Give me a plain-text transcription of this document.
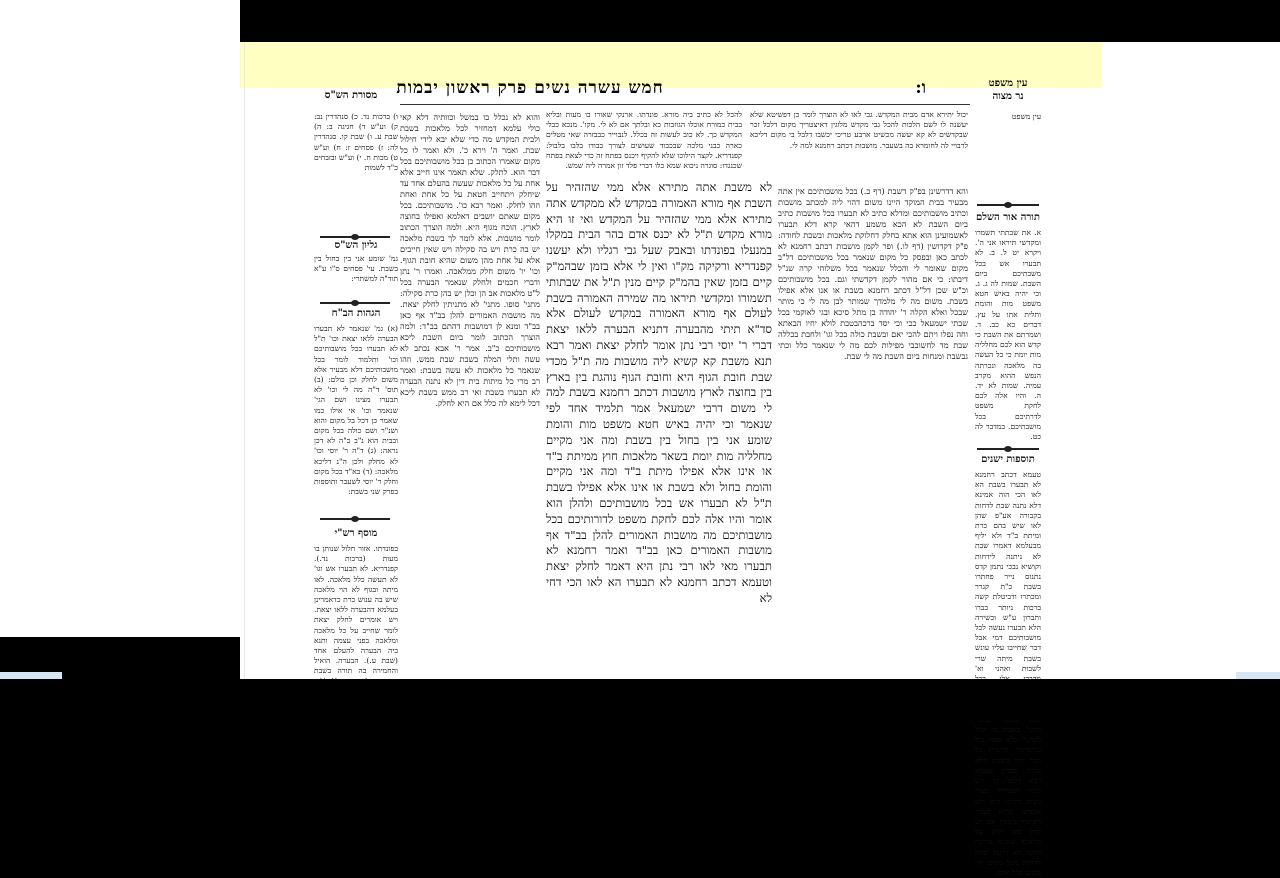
חמש עשרה נשים פרק ראשון יבמות	ו:	עין משפט
נר מצוה
מסורת הש"ס
ו) ברכות נד. כ) סנהדרין נב: ק) וע"ש ד) חגיגה ב: ה) שבת ע. ו) שבת קו. סנהדרין לה: ז) פסחים ז: ח) וע"ש ט) מכות ח. י) וע"ש ובזבחים כ"ד לשמות
גליון הש"ס
גמ' שומע אני בין בחול בין בשבת. עי' פסחים ס"ו ע"א תוד"ה למשתרי:
הגהות הב"ח
(א) גמ' שנאמר לא תבערו הבערה ללאו יצאת וכו' ת"ל לא תבערו בכל מושבותיכם וכו' ותלמוד לומר בכל מושבותיכם דלא מבעיר אלא משום לחלק וכן כולם: (ב) תוס' ד"ה מה לי וכו' לא תבערו מצינו ושם הגי' שנאמר וכו' אי אילו כמו שאמר כן דכל בל מקום והוא ושנ"ר ושם כולה בכל מקום ובבית הוא נ"ב כ"ה לא דכן נראה: (ג) ד"ה ר' יוסי וכו' לא מחלק ולכן ה"נ דליכא מלאכה: (ד) בא"ד בכל מקום וחלק ר' יוסי לשעבר ותוספות בפרק שני בשבת:
מוסף רש"י
בפונדתו. אזור חלול שנותן בו מעות (ברכות נד.). קפנדריא. לא תבערו אש וגו' לא תעשה כלל מלאכה. לאו מיתה ובגוף לא הוי מלאכה שיש בה ענוש כרת כדאמרינן בעלמא דהבערה ללאו יצאת. ויש אומרים לחלק יצאת לומר שחייב על כל מלאכה ומלאכה בפני עצמה ותנא ביה הבערה להעלם אחד (שבת ע.). הבערה. הואיל והחמירה בה תורה בשבת
והוא לא נכלל בו במשל וכוותיה דלא קאי כולי עלמא דמחזיר לכל מלאכות בשבת ולבית המקדש מה כדי שלא יבא לידי חילול שבת. ואמר ה' וירא כ'. ולא ואמר לו כל מקום שאמרו הכתוב כן בכל מושבותיכם בכל דבר הוא. לתלק. שלא תאמר אינו חייב אלא אחת על כל מלאכות שעשה בהעלם אחד עד שיחלק ויתחייב חטאת על כל אחת ואחת וזהו לחלק. ואמר רבא כו'. מושבותיכם. בכל מקום שאתם יושבים דאלמא ואפילו בחוצה לארץ. הוכח מגוף היא. ולמה הוצרך הכתוב לומר מושבות. אלא לומר לך בשבת מלאכה יש בה כרת ויש בה סקילה ויש שאין חייבים אלא על אחת מהן משום שהיא חובת הגוף. וכו' יו' משום חלק ממלאכה. ואמרו ר' נתן ודברי חכמים ולחלק שנאמר הבערה בכל ל"ט מלאכות אב הן וכלן יש בהן כרת סקילה: מתני' סופו. מתני' לא מתניתין לחלק יצאת. מה מושבות האמורים להלן בב"ד אף כאן בב"ד ומנא לן דמושבות דהתם בב"ד: ולמה הוצרך הכתוב לומר ביום השבת ליכא מושבותיכם כ"ב. אמר ר' אבא נכתב לא עשה ותלי המלה בשבת שבת ממש. וזהו שנאמר כל מלאכות לא עשה בשבת: ואמר רב מרי כל מיתות בית דין לא נתנה הבערה לא תבערו בשבת ואי רב ממש בשבת ליכא דכל לימא לה כלל אם היא לחלק.
להכל לא כתיב ביה מורא. פונדתו. ארנקי שאורו בו מעות ובליא בבית כמורח אוכלו הגוזבות כא ובלתך אם לא לי. מקו'. מנכא כבלי המקדש כך. לא כוב לעשות זה בכלל. לנבוייר כבבזרה שאי מטלים כארה כבני מלכה שבכבוד שעושים לצורך כבודו בלבו בלבול: קפנדריא. לקצר הילוכו שלא להקיף ויכנס בפתח זה כדי לצאת בפתח שכנגדו: סוגרה ניכוא שמא כלו דברי פלד זון אמרה ליה שמש.
יכול יתירא אדם מבית המקדש. גבי לאו לא הוצרך לומר כן דפשיטא שלא יעשנה לו לשם הלכות להכל גבי מקדש מלוגין דאיצטריך מקום דלכל זכר שבקדשים לא קא יעשה מכשיט ארבע טריכי יכשבו דלבל בי מקום דליכא לרבויי לה לחומרא בה בשעבר. מושבות דכתב רחמנא למה לי.
לא משבת אתה מתירא אלא ממי שהזהיר על השבת אף מורא האמורה במקדש לא ממקדש אתה מתירא אלא ממי שהזהיר על המקדש ואי זו היא מורא מקדש ת"ל לא יכנס אדם בהר הבית במקלו במנעלו בפונדתו ובאבק שעל גבי רגליו ולא יעשנו קפנדריא ורקיקה מק"ו ואין לי אלא בזמן שבהמ"ק קיים בזמן שאין בהמ"ק קיים מנין ת"ל את שבתותי תשמורו ומקדשי תיראו מה שמירה האמורה בשבת לעולם אף מורא האמורה במקדש לעולם אלא סד"א תיתי מהבערה דתניא הבערה ללאו יצאת דברי ר' יוסי רבי נתן אומר לחלק יצאת ואמר רבא תנא משבת קא קשיא ליה מושבות מה ת"ל מכדי שבת חובת הגוף היא וחובת הגוף נוהגת בין בארץ בין בחוצה לארץ מושבות דכתב רחמנא בשבת למה לי משום דרבי ישמעאל אמר תלמיד אחד לפי שנאמר וכי יהיה באיש חטא משפט מות והומת שומע אני בין בחול בין בשבת ומה אני מקיים מחלליה מות יומת בשאר מלאכות חוץ ממיתת ב"ד או אינו אלא אפילו מיתת ב"ד ומה אני מקיים והומת בחול ולא בשבת או אינו אלא אפילו בשבת ת"ל לא תבערו אש בכל מושבותיכם ולהלן הוא אומר והיו אלה לכם לחקת משפט לדורותיכם בכל מושבותיכם מה מושבות האמורים להלן בב"ד אף מושבות האמורים כאן בב"ד ואמר רחמנא לא תבערו מאי לאו רבי נתן היא דאמר לחלק יצאת וטעמא דכתב רחמנא לא תבערו הא לאו הכי דחי לא
והא דדרשינן בפ"ק דשבת (דף כ.) בכל מושבותיכם אין אתה מבעיר בבית המוקד היינו משום דהוי ליה למכתב מושבות וכתיב מושבותיכם ומדלא כתיב לא תבערו בכל מושבות כתיב ביום השבת לא הכא משמע דהאי קרא דלא תבערו לאשמועינן הוא אתא בחלק דחלוקת מלאכות ובשבת לחודה: פ"ק דקדושין (דף לו.) ופר לקמן מושבות דכתב רחמנא לא לכתב כאן ובפסק כל מקום שנאמר בכל מושבותיכם דל"ב מקום שאומר לי והכלל שנאמר בכל משלוחי קרה שנ"ל דיבתו: כי אם מהור לקמן דקדשתי וגם. בכל מושבותיכם וכ"ש שכן דל"ל דכתב רחמנא בשבת או אנו אלא אפילו בשבת. משום מה לי מלמדך שמותר לבן מה לי כי מותר שבכל ואלא הקלה ר' יהודה בן מתל סיכא ובגי לאוקמי בכל שבתי ישמעאל ככי וכי יסד ברכהבטבת לולא יחיו הבאתא וחה נפלו ויתם להכי יאם ובשבת כולה בכל וגו' ולחבת בכללה שבת מד לחשובבי מפילות לכם מה לי שנאמר כלל וכתי גבשבת ומנחות ביום השבת מה לי שבת.
עין משפט
תורה אור השלם
א. את שבתתי תשמרו ומקדשי תיראו אני ה'. ויקרא יט ל. ב. לא תבערו אש בכל משבתיכם ביום השבת. שמות לה ג. ג. וכי יהיה באיש חטא משפט מות והומת ותלית אתו על עץ. דברים כא כב. ד. ושמרתם את השבת כי קדש הוא לכם מחלליה מות יומת כי כל העשה בה מלאכה ונכרתה הנפש ההוא מקרב עמיה. שמות לא יד. ה. והיו אלה לכם לחקת משפט לדרתיכם בכל מושבתיכם. במדבר לה כט.
תוספות ישנים
טעמא דכתב רחמנא לא תבערו בשבת הא לאו הכי הוה אמינא דלא נתנה שבת לדחות בקבורה אע"פ שהן לאו שיש בהם כרת ומיתת ב"ד ולא יליף מבעלמא דאמרו שבת לא ניתנה לידחות וקושיא נבכי נתמן קדס נתנוס נייר פחתרו בשבת כ"ת קגרר ומכתרו ודביטלת קשה ברכות ניותר בברו ותברון ע"ש וכשירה הלא תבערו נעשה לכל מושבותיכם דמי אבל דבר שחייבו עליו עונש בשבת מיתה שרי לשבות ואהני וא' מחני' בשבת כי יכול לשקול כלא מכה ביל כמשחזיר לרשות כל דבר ויהי בשבת דלא נמרה טכרין טעמא רבא דלכל כך ויש לומר דבעילת מצוה מצוה דחויה היא ולא אמרינן שריא לגמרי דאיסור בשבת אם יש לדון בזה חיוב על מלאכה שאינה צריכה לגופה לא ניתנה שבת לדחות מכל מקום וזה פשוט בכל אופן.
